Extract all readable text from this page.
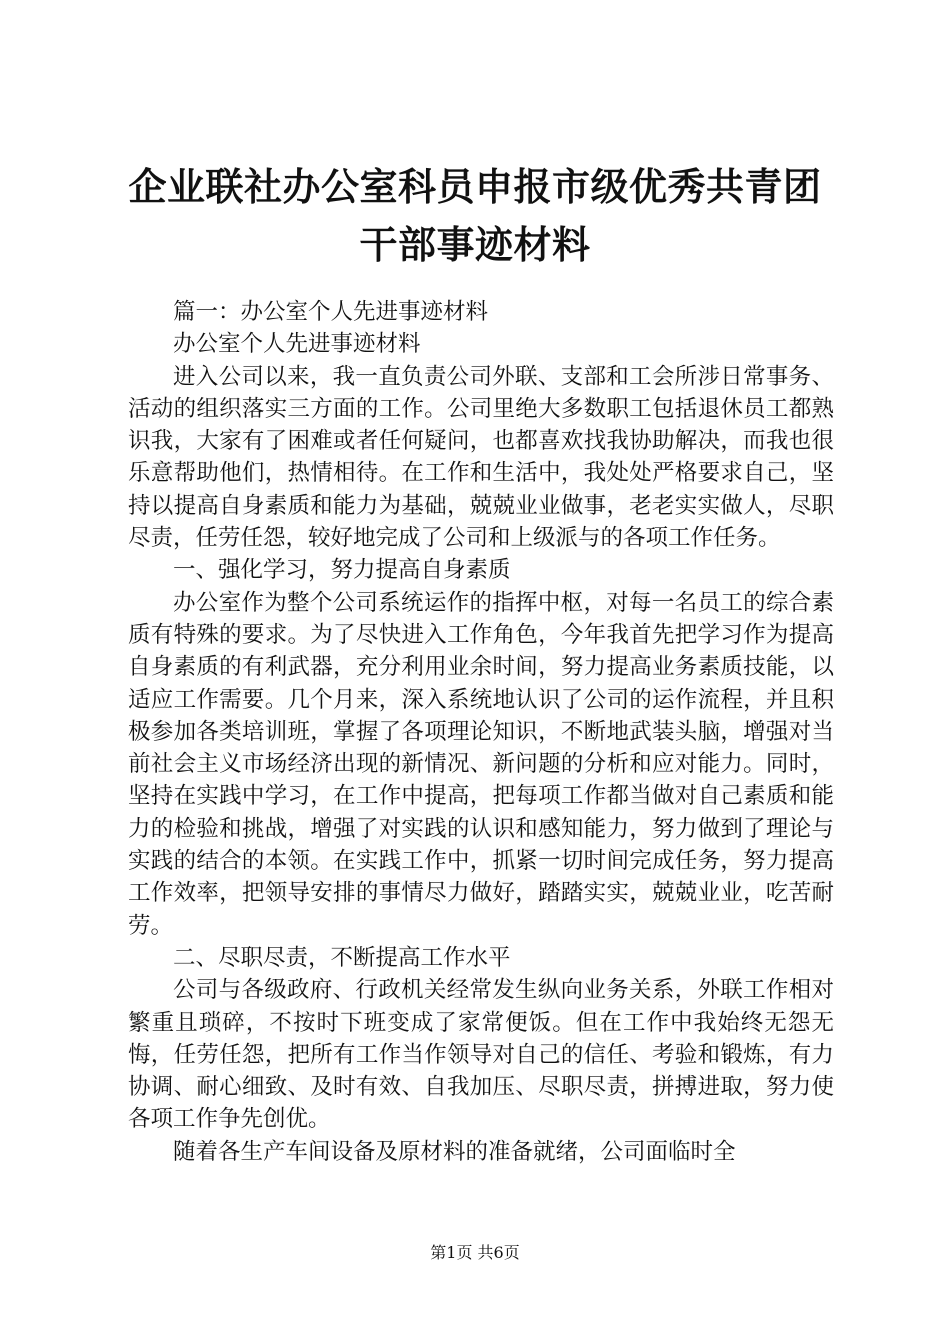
企业联社办公室科员申报市级优秀共青团干部事迹材料

篇一：办公室个人先进事迹材料

办公室个人先进事迹材料

进入公司以来，我一直负责公司外联、支部和工会所涉日常事务、活动的组织落实三方面的工作。公司里绝大多数职工包括退休员工都熟识我，大家有了困难或者任何疑问，也都喜欢找我协助解决，而我也很乐意帮助他们，热情相待。在工作和生活中，我处处严格要求自己，坚持以提高自身素质和能力为基础，兢兢业业做事，老老实实做人，尽职尽责，任劳任怨，较好地完成了公司和上级派与的各项工作任务。

一、强化学习，努力提高自身素质

办公室作为整个公司系统运作的指挥中枢，对每一名员工的综合素质有特殊的要求。为了尽快进入工作角色，今年我首先把学习作为提高自身素质的有利武器，充分利用业余时间，努力提高业务素质技能，以适应工作需要。几个月来，深入系统地认识了公司的运作流程，并且积极参加各类培训班，掌握了各项理论知识，不断地武装头脑，增强对当前社会主义市场经济出现的新情况、新问题的分析和应对能力。同时，坚持在实践中学习，在工作中提高，把每项工作都当做对自己素质和能力的检验和挑战，增强了对实践的认识和感知能力，努力做到了理论与实践的结合的本领。在实践工作中，抓紧一切时间完成任务，努力提高工作效率，把领导安排的事情尽力做好，踏踏实实，兢兢业业，吃苦耐劳。

二、尽职尽责，不断提高工作水平

公司与各级政府、行政机关经常发生纵向业务关系，外联工作相对繁重且琐碎，不按时下班变成了家常便饭。但在工作中我始终无怨无悔，任劳任怨，把所有工作当作领导对自己的信任、考验和锻炼，有力协调、耐心细致、及时有效、自我加压、尽职尽责，拼搏进取，努力使各项工作争先创优。

随着各生产车间设备及原材料的准备就绪，公司面临时全

第1页 共6页
